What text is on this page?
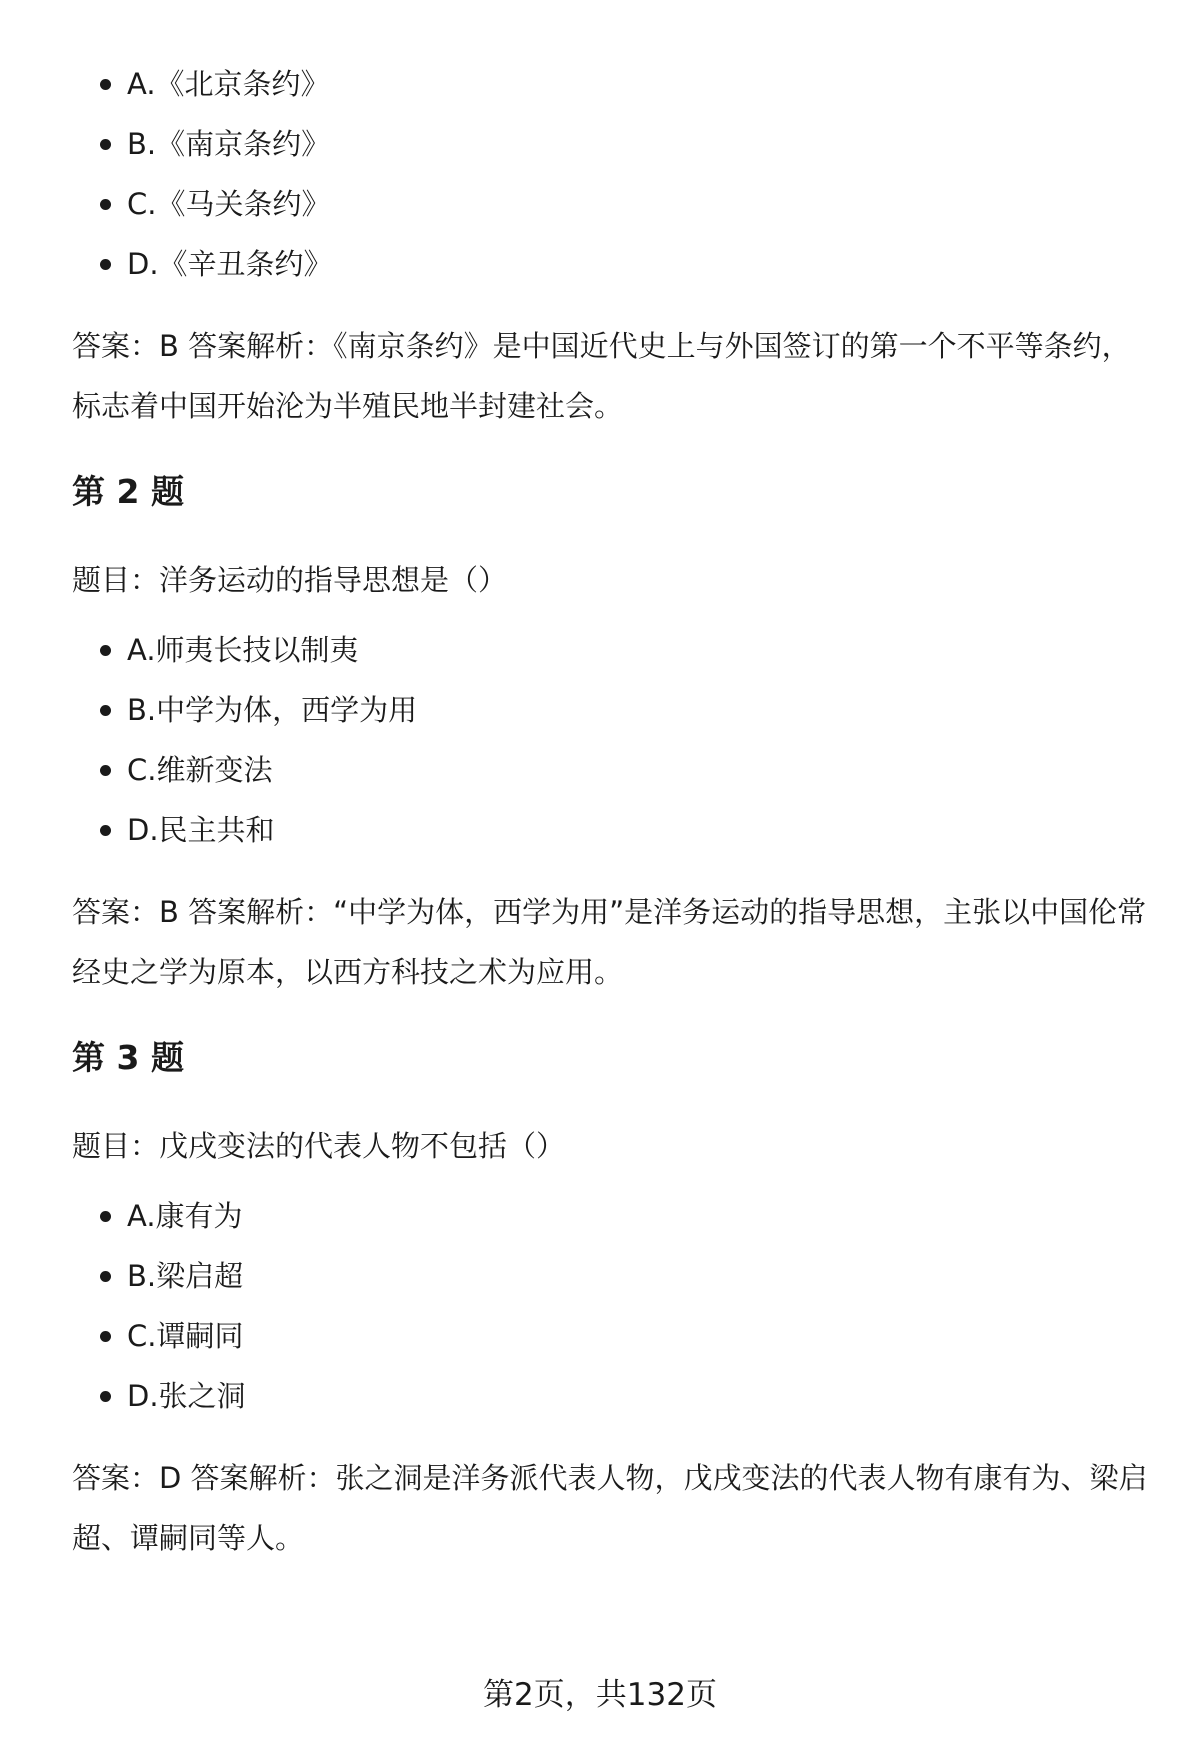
A.《北京条约》
B.《南京条约》
C.《马关条约》
D.《辛丑条约》

答案：B 答案解析：《南京条约》是中国近代史上与外国签订的第一个不平等条约，标志着中国开始沦为半殖民地半封建社会。

第 2 题

题目：洋务运动的指导思想是（）

A.师夷长技以制夷
B.中学为体，西学为用
C.维新变法
D.民主共和

答案：B 答案解析：“中学为体，西学为用”是洋务运动的指导思想，主张以中国伦常经史之学为原本，以西方科技之术为应用。

第 3 题

题目：戊戌变法的代表人物不包括（）

A.康有为
B.梁启超
C.谭嗣同
D.张之洞

答案：D 答案解析：张之洞是洋务派代表人物，戊戌变法的代表人物有康有为、梁启超、谭嗣同等人。

第2页，共132页
